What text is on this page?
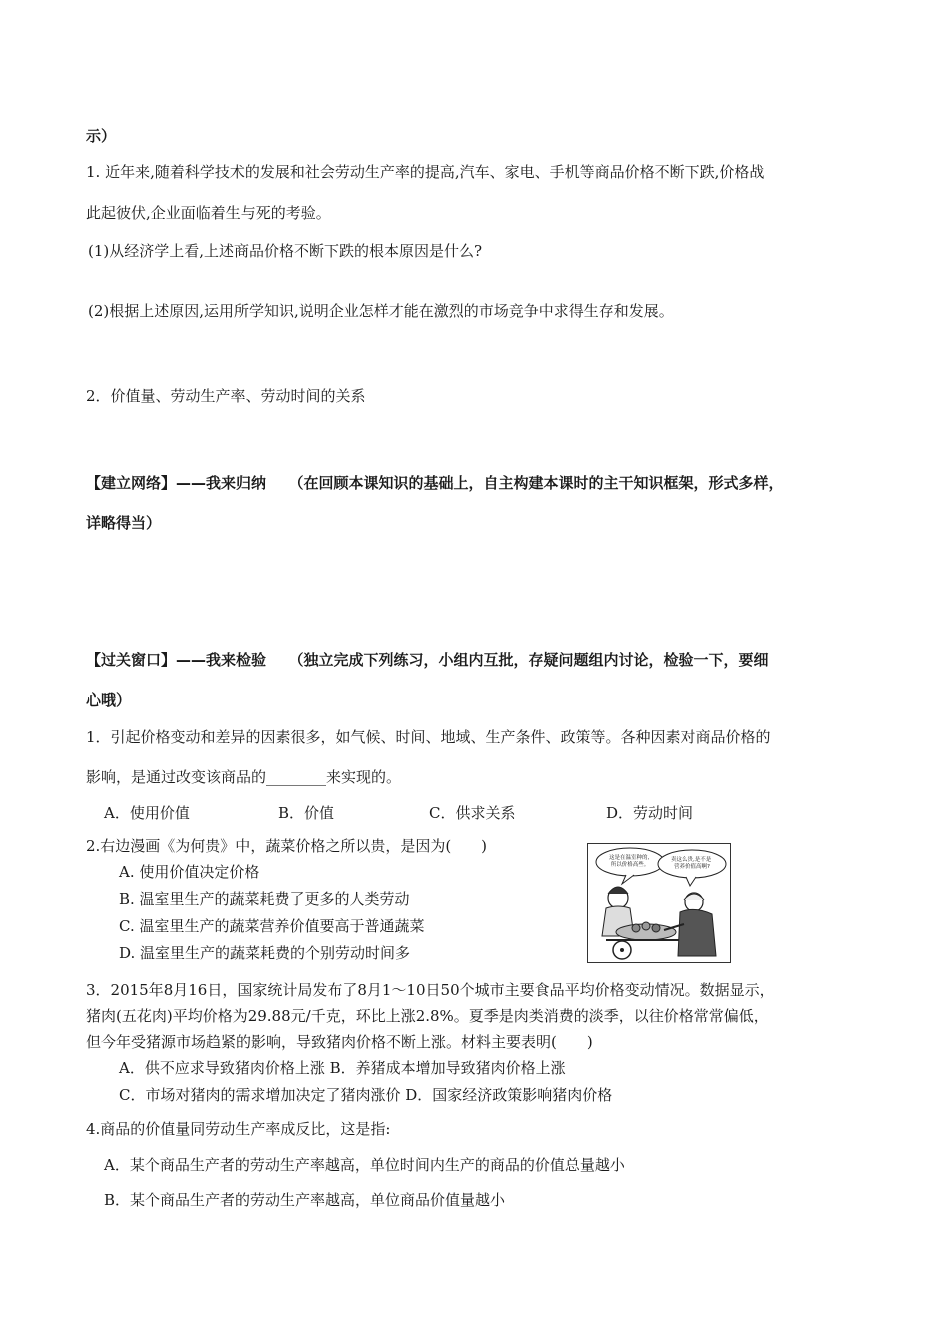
示）
1. 近年来,随着科学技术的发展和社会劳动生产率的提高,汽车、家电、手机等商品价格不断下跌,价格战
此起彼伏,企业面临着生与死的考验。
(1)从经济学上看,上述商品价格不断下跌的根本原因是什么?
(2)根据上述原因,运用所学知识,说明企业怎样才能在激烈的市场竞争中求得生存和发展。
2．价值量、劳动生产率、劳动时间的关系
【建立网络】——我来归纳　　（在回顾本课知识的基础上，自主构建本课时的主干知识框架，形式多样，
详略得当）
【过关窗口】——我来检验　　（独立完成下列练习，小组内互批，存疑问题组内讨论，检验一下，要细
心哦）
1．引起价格变动和差异的因素很多，如气候、时间、地域、生产条件、政策等。各种因素对商品价格的
影响，是通过改变该商品的________来实现的。
A．使用价值	B．价值	C．供求关系	D．劳动时间
2.右边漫画《为何贵》中，蔬菜价格之所以贵，是因为(　　)
A. 使用价值决定价格
B. 温室里生产的蔬菜耗费了更多的人类劳动
C. 温室里生产的蔬菜营养价值要高于普通蔬菜
D. 温室里生产的蔬菜耗费的个别劳动时间多
这是在温室种的, 所以价格高些。
卖这么贵,是不是 营养价值高啊?
3．2015年8月16日，国家统计局发布了8月1～10日50个城市主要食品平均价格变动情况。数据显示，
猪肉(五花肉)平均价格为29.88元/千克，环比上涨2.8%。夏季是肉类消费的淡季，以往价格常常偏低，
但今年受猪源市场趋紧的影响，导致猪肉价格不断上涨。材料主要表明(　　)
A．供不应求导致猪肉价格上涨 B．养猪成本增加导致猪肉价格上涨
C．市场对猪肉的需求增加决定了猪肉涨价 D．国家经济政策影响猪肉价格
4.商品的价值量同劳动生产率成反比，这是指:
A．某个商品生产者的劳动生产率越高，单位时间内生产的商品的价值总量越小
B．某个商品生产者的劳动生产率越高，单位商品价值量越小
